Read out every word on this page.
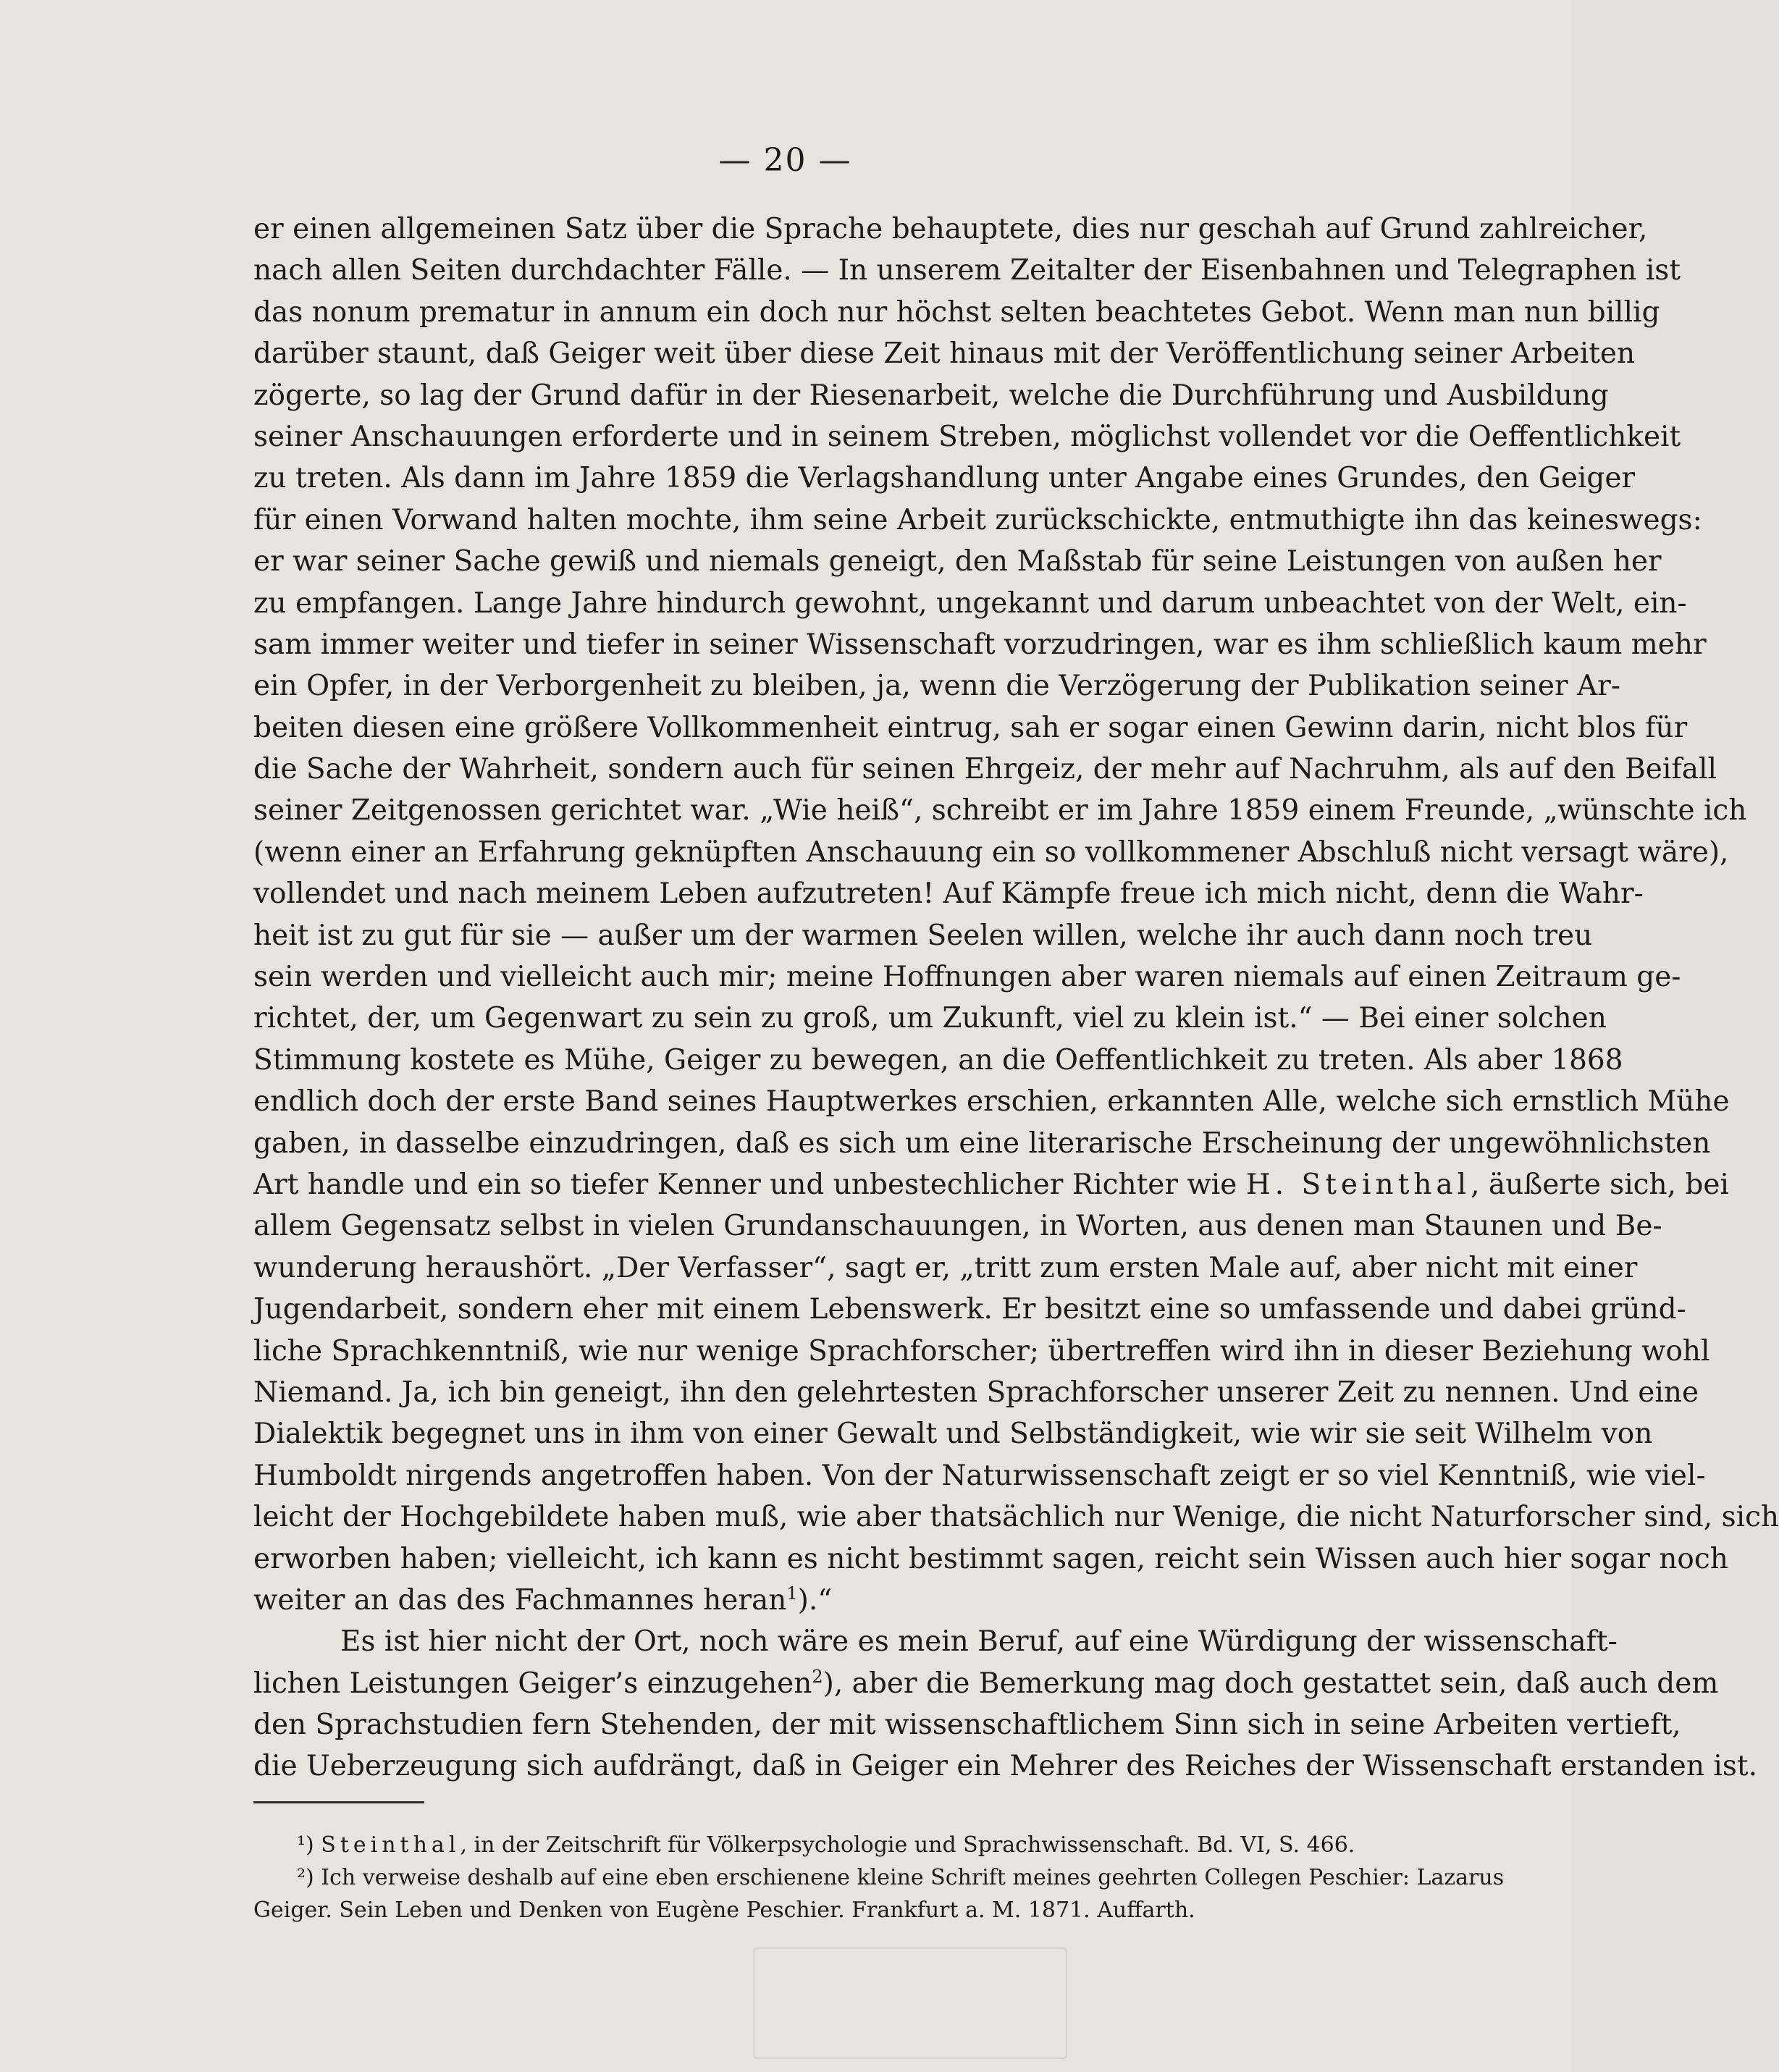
— 20 —
er einen allgemeinen Satz über die Sprache behauptete, dies nur geschah auf Grund zahlreicher,
nach allen Seiten durchdachter Fälle. — In unserem Zeitalter der Eisenbahnen und Telegraphen ist
das nonum prematur in annum ein doch nur höchst selten beachtetes Gebot. Wenn man nun billig
darüber staunt, daß Geiger weit über diese Zeit hinaus mit der Veröffentlichung seiner Arbeiten
zögerte, so lag der Grund dafür in der Riesenarbeit, welche die Durchführung und Ausbildung
seiner Anschauungen erforderte und in seinem Streben, möglichst vollendet vor die Oeffentlichkeit
zu treten. Als dann im Jahre 1859 die Verlagshandlung unter Angabe eines Grundes, den Geiger
für einen Vorwand halten mochte, ihm seine Arbeit zurückschickte, entmuthigte ihn das keineswegs:
er war seiner Sache gewiß und niemals geneigt, den Maßstab für seine Leistungen von außen her
zu empfangen. Lange Jahre hindurch gewohnt, ungekannt und darum unbeachtet von der Welt, ein-
sam immer weiter und tiefer in seiner Wissenschaft vorzudringen, war es ihm schließlich kaum mehr
ein Opfer, in der Verborgenheit zu bleiben, ja, wenn die Verzögerung der Publikation seiner Ar-
beiten diesen eine größere Vollkommenheit eintrug, sah er sogar einen Gewinn darin, nicht blos für
die Sache der Wahrheit, sondern auch für seinen Ehrgeiz, der mehr auf Nachruhm, als auf den Beifall
seiner Zeitgenossen gerichtet war. „Wie heiß“, schreibt er im Jahre 1859 einem Freunde, „wünschte ich
(wenn einer an Erfahrung geknüpften Anschauung ein so vollkommener Abschluß nicht versagt wäre),
vollendet und nach meinem Leben aufzutreten! Auf Kämpfe freue ich mich nicht, denn die Wahr-
heit ist zu gut für sie — außer um der warmen Seelen willen, welche ihr auch dann noch treu
sein werden und vielleicht auch mir; meine Hoffnungen aber waren niemals auf einen Zeitraum ge-
richtet, der, um Gegenwart zu sein zu groß, um Zukunft, viel zu klein ist.“ — Bei einer solchen
Stimmung kostete es Mühe, Geiger zu bewegen, an die Oeffentlichkeit zu treten. Als aber 1868
endlich doch der erste Band seines Hauptwerkes erschien, erkannten Alle, welche sich ernstlich Mühe
gaben, in dasselbe einzudringen, daß es sich um eine literarische Erscheinung der ungewöhnlichsten
Art handle und ein so tiefer Kenner und unbestechlicher Richter wie H. Steinthal, äußerte sich, bei
allem Gegensatz selbst in vielen Grundanschauungen, in Worten, aus denen man Staunen und Be-
wunderung heraushört. „Der Verfasser“, sagt er, „tritt zum ersten Male auf, aber nicht mit einer
Jugendarbeit, sondern eher mit einem Lebenswerk. Er besitzt eine so umfassende und dabei gründ-
liche Sprachkenntniß, wie nur wenige Sprachforscher; übertreffen wird ihn in dieser Beziehung wohl
Niemand. Ja, ich bin geneigt, ihn den gelehrtesten Sprachforscher unserer Zeit zu nennen. Und eine
Dialektik begegnet uns in ihm von einer Gewalt und Selbständigkeit, wie wir sie seit Wilhelm von
Humboldt nirgends angetroffen haben. Von der Naturwissenschaft zeigt er so viel Kenntniß, wie viel-
leicht der Hochgebildete haben muß, wie aber thatsächlich nur Wenige, die nicht Naturforscher sind, sich
erworben haben; vielleicht, ich kann es nicht bestimmt sagen, reicht sein Wissen auch hier sogar noch
weiter an das des Fachmannes heran$^1$).“
Es ist hier nicht der Ort, noch wäre es mein Beruf, auf eine Würdigung der wissenschaft-
lichen Leistungen Geiger’s einzugehen$^2$), aber die Bemerkung mag doch gestattet sein, daß auch dem
den Sprachstudien fern Stehenden, der mit wissenschaftlichem Sinn sich in seine Arbeiten vertieft,
die Ueberzeugung sich aufdrängt, daß in Geiger ein Mehrer des Reiches der Wissenschaft erstanden ist.
¹) Steinthal, in der Zeitschrift für Völkerpsychologie und Sprachwissenschaft. Bd. VI, S. 466.
²) Ich verweise deshalb auf eine eben erschienene kleine Schrift meines geehrten Collegen Peschier: Lazarus
Geiger. Sein Leben und Denken von Eugène Peschier. Frankfurt a. M. 1871. Auffarth.
